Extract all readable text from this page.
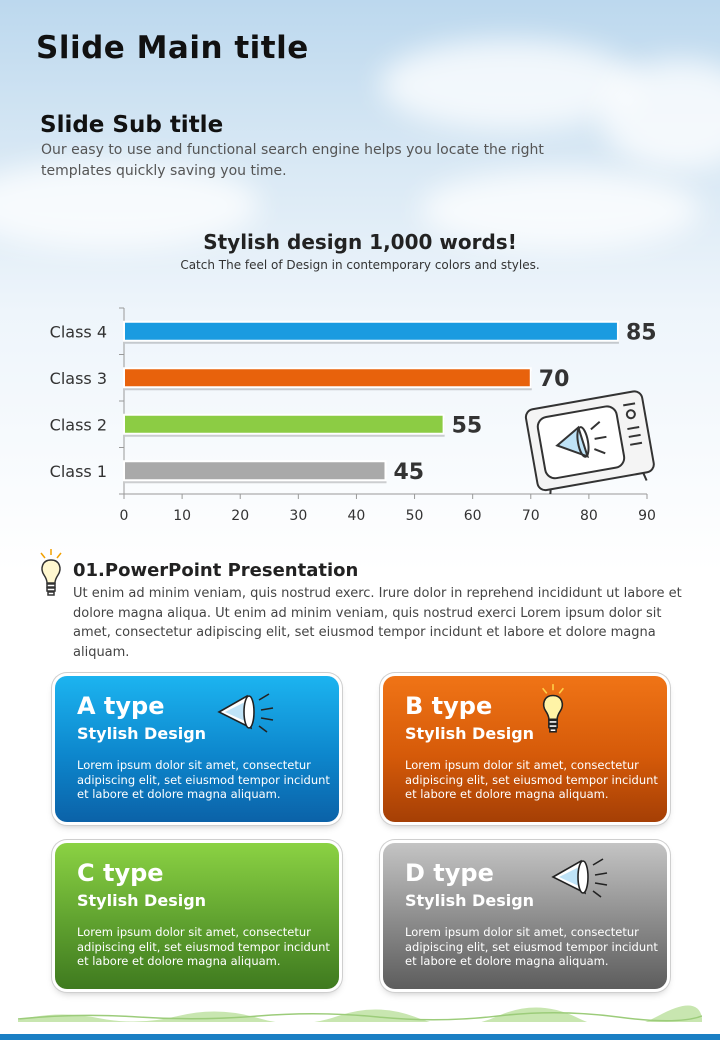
Slide Main title
Slide Sub title

Our easy to use and functional search engine helps you locate the right templates quickly saving you time.

Stylish design 1,000 words!

Catch The feel of Design in contemporary colors and styles.

0	10	20	30	40	50	60	70	80	90
Class 1	45
Class 2	55
Class 3	70
Class 4	85
01.PowerPoint Presentation

Ut enim ad minim veniam, quis nostrud exerc. Irure dolor in reprehend incididunt ut labore et dolore magna aliqua. Ut enim ad minim veniam, quis nostrud exerci Lorem ipsum dolor sit amet, consectetur adipiscing elit, set eiusmod tempor incidunt et labore et dolore magna aliquam.

A type

Stylish Design

Lorem ipsum dolor sit amet, consectetur adipiscing elit, set eiusmod tempor incidunt et labore et dolore magna aliquam.

B type

Stylish Design

Lorem ipsum dolor sit amet, consectetur adipiscing elit, set eiusmod tempor incidunt et labore et dolore magna aliquam.

C type

Stylish Design

Lorem ipsum dolor sit amet, consectetur adipiscing elit, set eiusmod tempor incidunt et labore et dolore magna aliquam.

D type

Stylish Design

Lorem ipsum dolor sit amet, consectetur adipiscing elit, set eiusmod tempor incidunt et labore et dolore magna aliquam.
